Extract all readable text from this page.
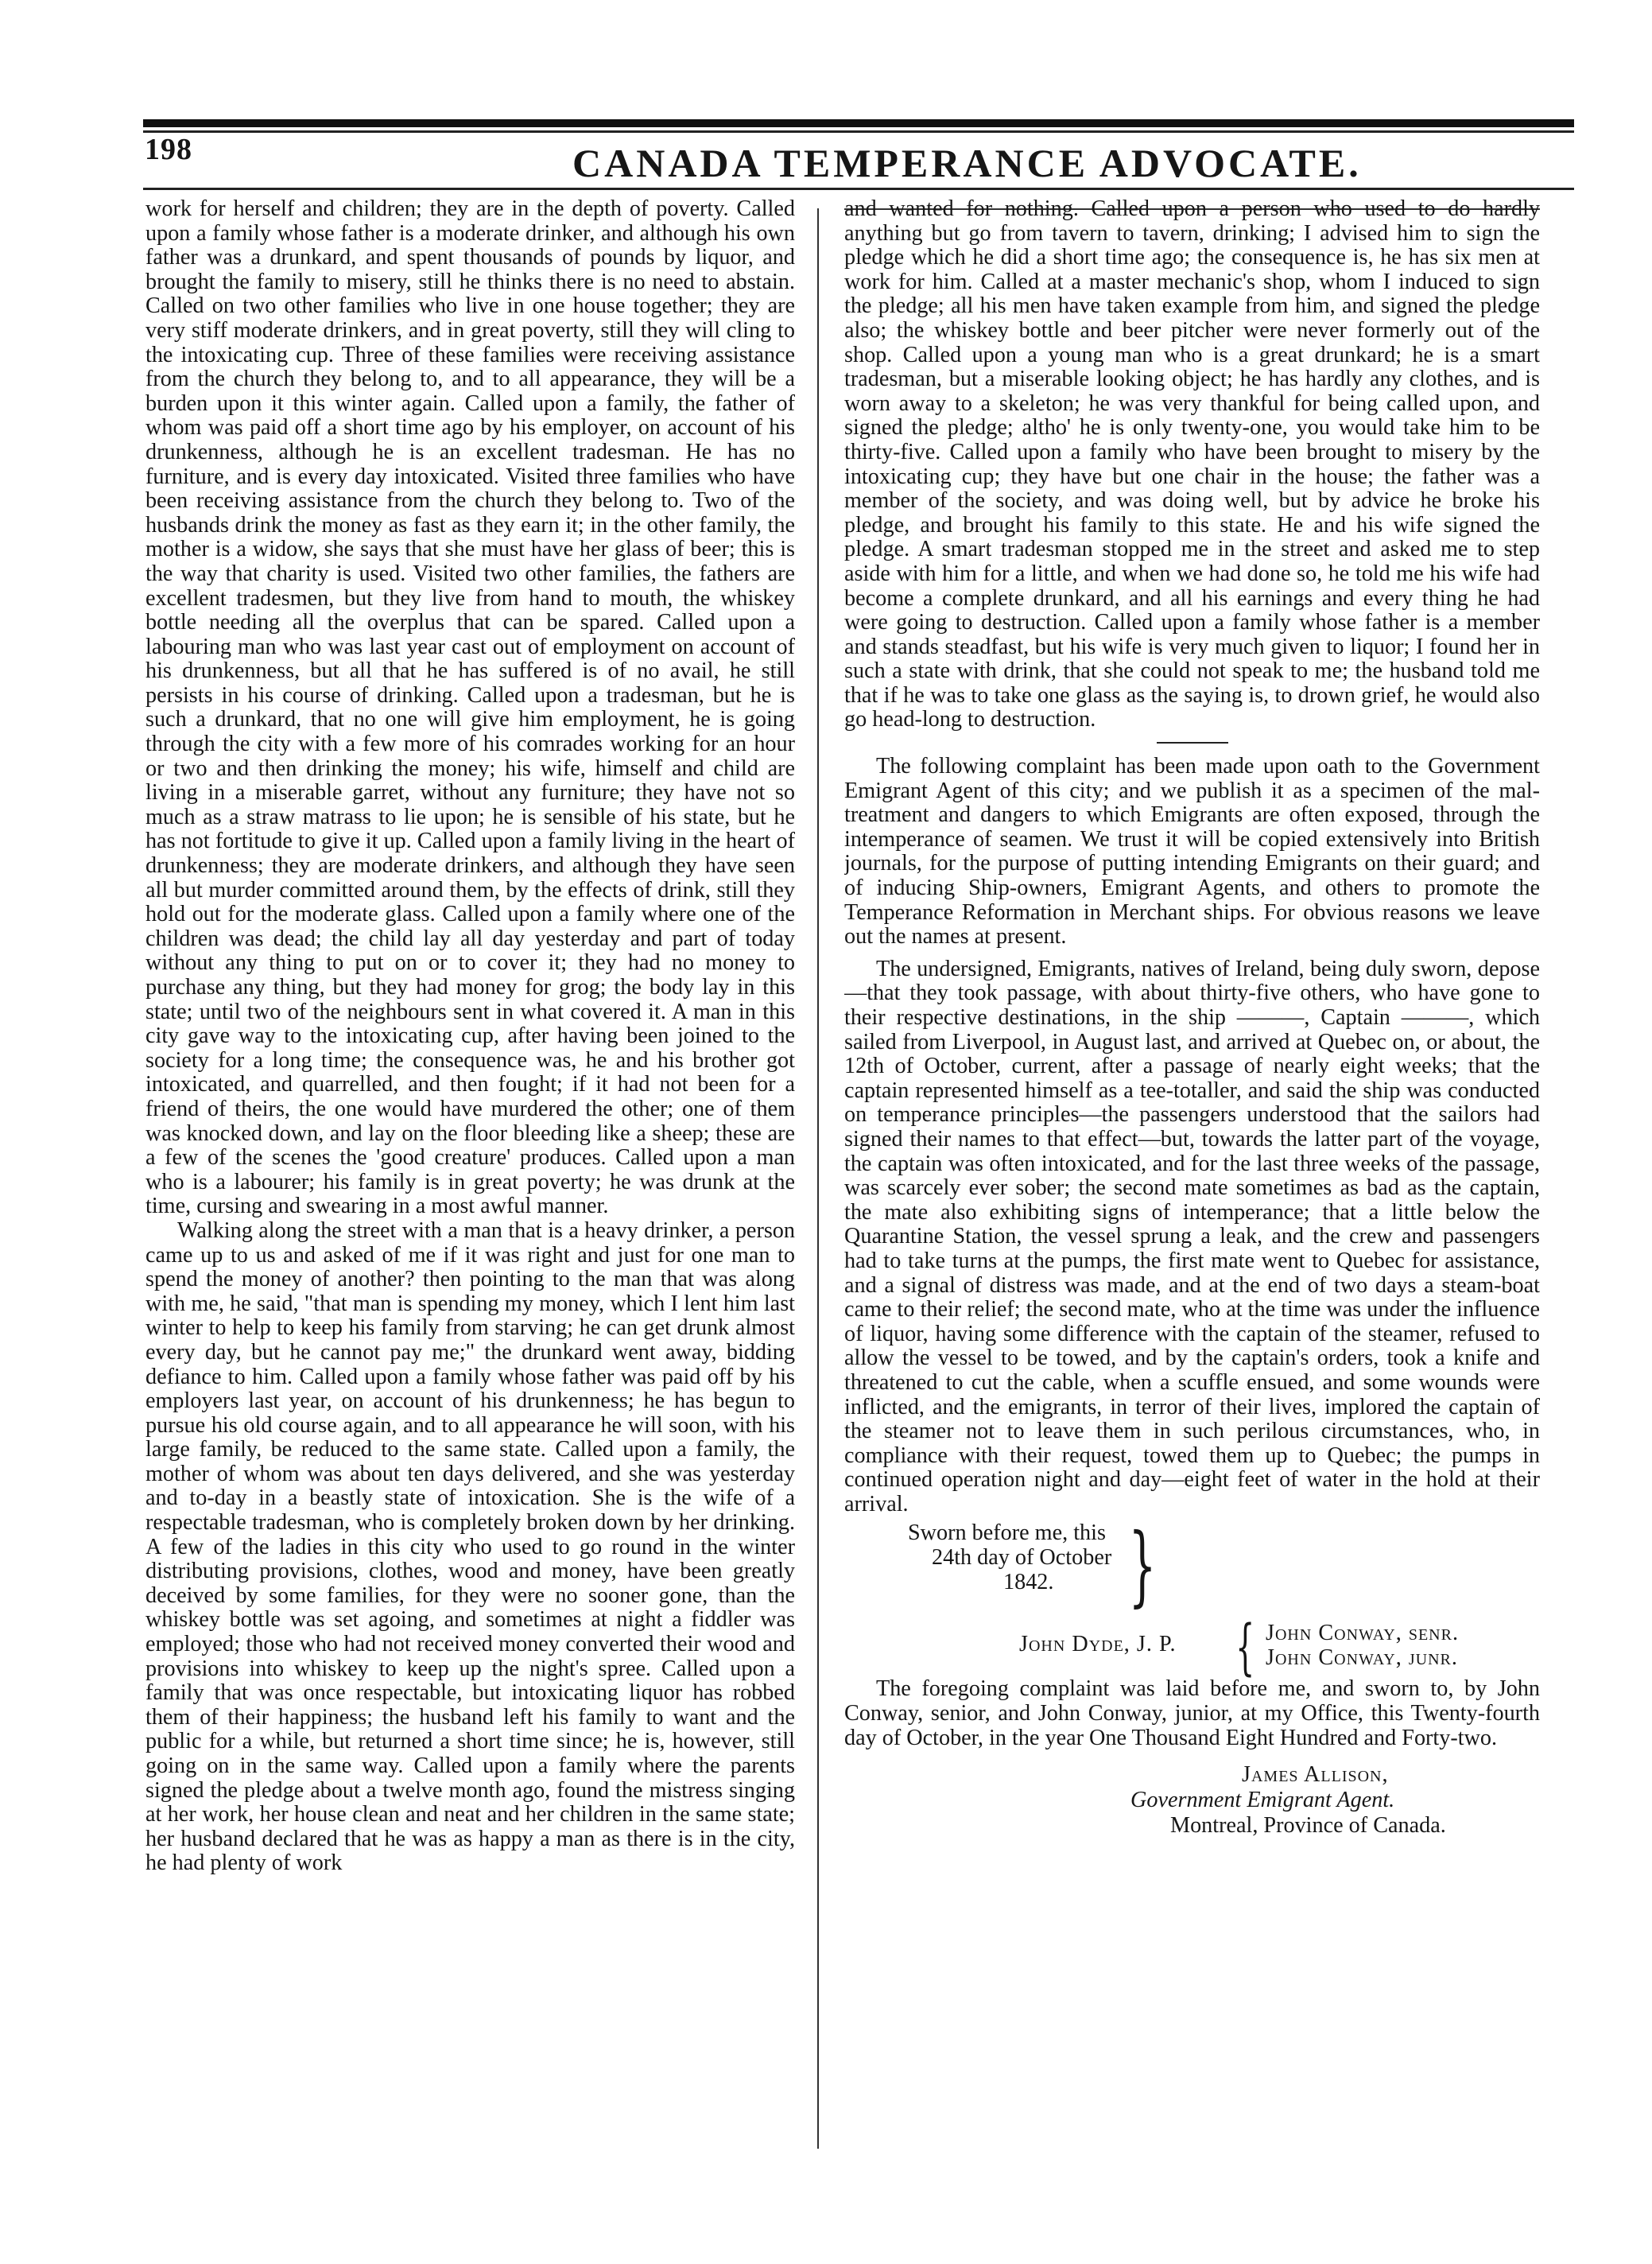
198	CANADA TEMPERANCE ADVOCATE.

work for herself and children; they are in the depth of poverty. Called upon a family whose father is a moderate drinker, and although his own father was a drunkard, and spent thousands of pounds by liquor, and brought the family to misery, still he thinks there is no need to abstain. Called on two other families who live in one house together; they are very stiff moderate drinkers, and in great poverty, still they will cling to the intoxicating cup. Three of these families were receiving assistance from the church they belong to, and to all appearance, they will be a burden upon it this winter again. Called upon a family, the father of whom was paid off a short time ago by his employer, on account of his drunkenness, although he is an excellent tradesman. He has no furniture, and is every day intoxicated. Visited three families who have been receiving assistance from the church they belong to. Two of the husbands drink the money as fast as they earn it; in the other family, the mother is a widow, she says that she must have her glass of beer; this is the way that charity is used. Visited two other families, the fathers are excellent tradesmen, but they live from hand to mouth, the whiskey bottle needing all the overplus that can be spared. Called upon a labouring man who was last year cast out of employment on account of his drunkenness, but all that he has suffered is of no avail, he still persists in his course of drinking. Called upon a tradesman, but he is such a drunkard, that no one will give him employment, he is going through the city with a few more of his comrades working for an hour or two and then drinking the money; his wife, himself and child are living in a miserable garret, without any furniture; they have not so much as a straw matrass to lie upon; he is sensible of his state, but he has not fortitude to give it up. Called upon a family living in the heart of drunkenness; they are moderate drinkers, and although they have seen all but murder committed around them, by the effects of drink, still they hold out for the moderate glass. Called upon a family where one of the children was dead; the child lay all day yesterday and part of today without any thing to put on or to cover it; they had no money to purchase any thing, but they had money for grog; the body lay in this state; until two of the neighbours sent in what covered it. A man in this city gave way to the intoxicating cup, after having been joined to the society for a long time; the consequence was, he and his brother got intoxicated, and quarrelled, and then fought; if it had not been for a friend of theirs, the one would have murdered the other; one of them was knocked down, and lay on the floor bleeding like a sheep; these are a few of the scenes the 'good creature' produces. Called upon a man who is a labourer; his family is in great poverty; he was drunk at the time, cursing and swearing in a most awful manner.

Walking along the street with a man that is a heavy drinker, a person came up to us and asked of me if it was right and just for one man to spend the money of another? then pointing to the man that was along with me, he said, "that man is spending my money, which I lent him last winter to help to keep his family from starving; he can get drunk almost every day, but he cannot pay me;" the drunkard went away, bidding defiance to him. Called upon a family whose father was paid off by his employers last year, on account of his drunkenness; he has begun to pursue his old course again, and to all appearance he will soon, with his large family, be reduced to the same state. Called upon a family, the mother of whom was about ten days delivered, and she was yesterday and to-day in a beastly state of intoxication. She is the wife of a respectable tradesman, who is completely broken down by her drinking. A few of the ladies in this city who used to go round in the winter distributing provisions, clothes, wood and money, have been greatly deceived by some families, for they were no sooner gone, than the whiskey bottle was set agoing, and sometimes at night a fiddler was employed; those who had not received money converted their wood and provisions into whiskey to keep up the night's spree. Called upon a family that was once respectable, but intoxicating liquor has robbed them of their happiness; the husband left his family to want and the public for a while, but returned a short time since; he is, however, still going on in the same way. Called upon a family where the parents signed the pledge about a twelve month ago, found the mistress singing at her work, her house clean and neat and her children in the same state; her husband declared that he was as happy a man as there is in the city, he had plenty of work

and wanted for nothing. Called upon a person who used to do hardly anything but go from tavern to tavern, drinking; I advised him to sign the pledge which he did a short time ago; the consequence is, he has six men at work for him. Called at a master mechanic's shop, whom I induced to sign the pledge; all his men have taken example from him, and signed the pledge also; the whiskey bottle and beer pitcher were never formerly out of the shop. Called upon a young man who is a great drunkard; he is a smart tradesman, but a miserable looking object; he has hardly any clothes, and is worn away to a skeleton; he was very thankful for being called upon, and signed the pledge; altho' he is only twenty-one, you would take him to be thirty-five. Called upon a family who have been brought to misery by the intoxicating cup; they have but one chair in the house; the father was a member of the society, and was doing well, but by advice he broke his pledge, and brought his family to this state. He and his wife signed the pledge. A smart tradesman stopped me in the street and asked me to step aside with him for a little, and when we had done so, he told me his wife had become a complete drunkard, and all his earnings and every thing he had were going to destruction. Called upon a family whose father is a member and stands steadfast, but his wife is very much given to liquor; I found her in such a state with drink, that she could not speak to me; the husband told me that if he was to take one glass as the saying is, to drown grief, he would also go head-long to destruction.

The following complaint has been made upon oath to the Government Emigrant Agent of this city; and we publish it as a specimen of the mal-treatment and dangers to which Emigrants are often exposed, through the intemperance of seamen. We trust it will be copied extensively into British journals, for the purpose of putting intending Emigrants on their guard; and of inducing Ship-owners, Emigrant Agents, and others to promote the Temperance Reformation in Merchant ships. For obvious reasons we leave out the names at present.

The undersigned, Emigrants, natives of Ireland, being duly sworn, depose—that they took passage, with about thirty-five others, who have gone to their respective destinations, in the ship ———, Captain ———, which sailed from Liverpool, in August last, and arrived at Quebec on, or about, the 12th of October, current, after a passage of nearly eight weeks; that the captain represented himself as a tee-totaller, and said the ship was conducted on temperance principles—the passengers understood that the sailors had signed their names to that effect—but, towards the latter part of the voyage, the captain was often intoxicated, and for the last three weeks of the passage, was scarcely ever sober; the second mate sometimes as bad as the captain, the mate also exhibiting signs of intemperance; that a little below the Quarantine Station, the vessel sprung a leak, and the crew and passengers had to take turns at the pumps, the first mate went to Quebec for assistance, and a signal of distress was made, and at the end of two days a steam-boat came to their relief; the second mate, who at the time was under the influence of liquor, having some difference with the captain of the steamer, refused to allow the vessel to be towed, and by the captain's orders, took a knife and threatened to cut the cable, when a scuffle ensued, and some wounds were inflicted, and the emigrants, in terror of their lives, implored the captain of the steamer not to leave them in such perilous circumstances, who, in compliance with their request, towed them up to Quebec; the pumps in continued operation night and day—eight feet of water in the hold at their arrival.

Sworn before me, this
24th day of October
1842. }
John Dyde, J. P. { John Conway, senr.
John Conway, junr.

The foregoing complaint was laid before me, and sworn to, by John Conway, senior, and John Conway, junior, at my Office, this Twenty-fourth day of October, in the year One Thousand Eight Hundred and Forty-two.

James Allison,
Government Emigrant Agent.
Montreal, Province of Canada.
